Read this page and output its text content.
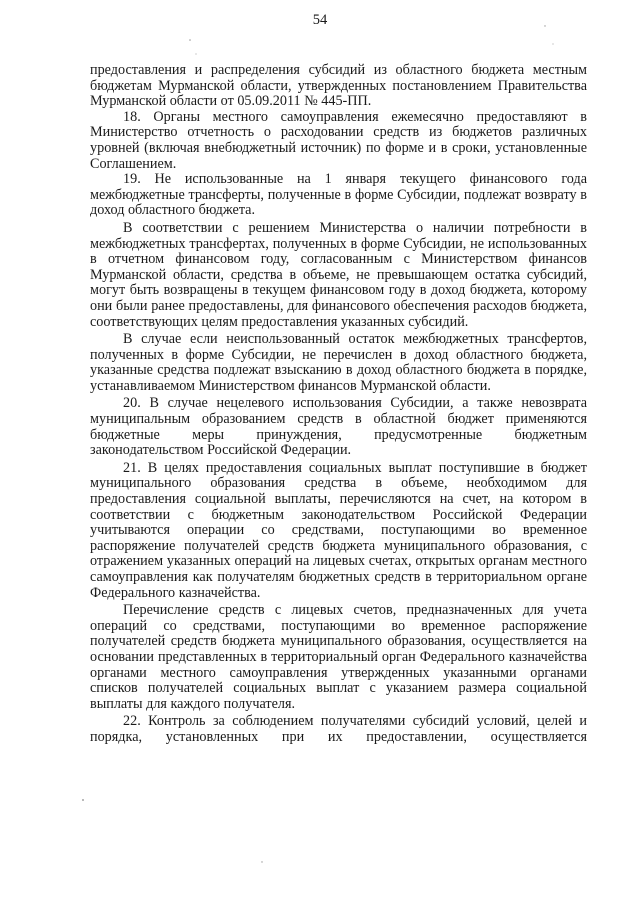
54

предоставления и распределения субсидий из областного бюджета местным бюджетам Мурманской области, утвержденных постановлением Правительства Мурманской области от 05.09.2011 № 445-ПП.

18. Органы местного самоуправления ежемесячно предоставляют в Министерство отчетность о расходовании средств из бюджетов различных уровней (включая внебюджетный источник) по форме и в сроки, установленные Соглашением.

19. Не использованные на 1 января текущего финансового года межбюджетные трансферты, полученные в форме Субсидии, подлежат возврату в доход областного бюджета.

В соответствии с решением Министерства о наличии потребности в межбюджетных трансфертах, полученных в форме Субсидии, не использованных в отчетном финансовом году, согласованным с Министерством финансов Мурманской области, средства в объеме, не превышающем остатка субсидий, могут быть возвращены в текущем финансовом году в доход бюджета, которому они были ранее предоставлены, для финансового обеспечения расходов бюджета, соответствующих целям предоставления указанных субсидий.

В случае если неиспользованный остаток межбюджетных трансфертов, полученных в форме Субсидии, не перечислен в доход областного бюджета, указанные средства подлежат взысканию в доход областного бюджета в порядке, устанавливаемом Министерством финансов Мурманской области.

20. В случае нецелевого использования Субсидии, а также невозврата муниципальным образованием средств в областной бюджет применяются бюджетные меры принуждения, предусмотренные бюджетным законодательством Российской Федерации.

21. В целях предоставления социальных выплат поступившие в бюджет муниципального образования средства в объеме, необходимом для предоставления социальной выплаты, перечисляются на счет, на котором в соответствии с бюджетным законодательством Российской Федерации учитываются операции со средствами, поступающими во временное распоряжение получателей средств бюджета муниципального образования, с отражением указанных операций на лицевых счетах, открытых органам местного самоуправления как получателям бюджетных средств в территориальном органе Федерального казначейства.

Перечисление средств с лицевых счетов, предназначенных для учета операций со средствами, поступающими во временное распоряжение получателей средств бюджета муниципального образования, осуществляется на основании представленных в территориальный орган Федерального казначейства органами местного самоуправления утвержденных указанными органами списков получателей социальных выплат с указанием размера социальной выплаты для каждого получателя.

22. Контроль за соблюдением получателями субсидий условий, целей и порядка, установленных при их предоставлении, осуществляется
